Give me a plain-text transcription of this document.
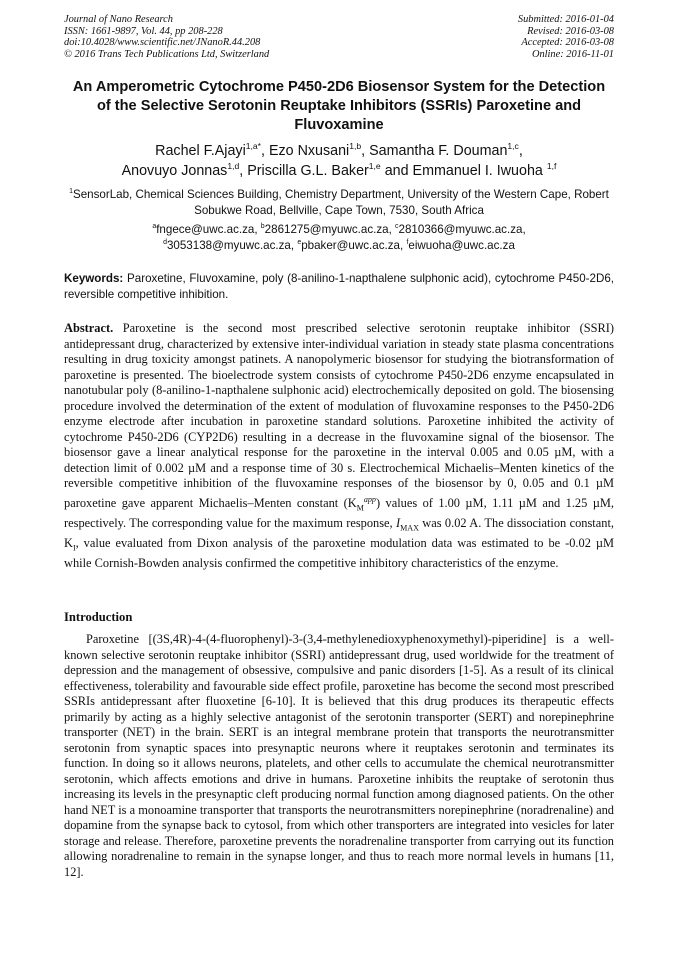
Journal of Nano Research
ISSN: 1661-9897, Vol. 44, pp 208-228
doi:10.4028/www.scientific.net/JNanoR.44.208
© 2016 Trans Tech Publications Ltd, Switzerland
Submitted: 2016-01-04
Revised: 2016-03-08
Accepted: 2016-03-08
Online: 2016-11-01
An Amperometric Cytochrome P450-2D6 Biosensor System for the Detection of the Selective Serotonin Reuptake Inhibitors (SSRIs) Paroxetine and Fluvoxamine
Rachel F.Ajayi$^{1,a*}$, Ezo Nxusani$^{1,b}$, Samantha F. Douman$^{1,c}$,
Anovuyo Jonnas$^{1,d}$, Priscilla G.L. Baker$^{1,e}$ and Emmanuel I. Iwuoha $^{1,f}$
$^1$SensorLab, Chemical Sciences Building, Chemistry Department, University of the Western Cape, Robert Sobukwe Road, Bellville, Cape Town, 7530, South Africa
$^a$fngece@uwc.ac.za, $^b$2861275@myuwc.ac.za, $^c$2810366@myuwc.ac.za,
$^d$3053138@myuwc.ac.za, $^e$pbaker@uwc.ac.za, $^f$eiwuoha@uwc.ac.za
Keywords: Paroxetine, Fluvoxamine, poly (8-anilino-1-napthalene sulphonic acid), cytochrome P450-2D6, reversible competitive inhibition.
Abstract. Paroxetine is the second most prescribed selective serotonin reuptake inhibitor (SSRI) antidepressant drug, characterized by extensive inter-individual variation in steady state plasma concentrations resulting in drug toxicity amongst patinets. A nanopolymeric biosensor for studying the biotransformation of paroxetine is presented. The bioelectrode system consists of cytochrome P450-2D6 enzyme encapsulated in nanotubular poly (8-anilino-1-napthalene sulphonic acid) electrochemically deposited on gold. The biosensing procedure involved the determination of the extent of modulation of fluvoxamine responses to the P450-2D6 enzyme electrode after incubation in paroxetine standard solutions. Paroxetine inhibited the activity of cytochrome P450-2D6 (CYP2D6) resulting in a decrease in the fluvoxamine signal of the biosensor. The biosensor gave a linear analytical response for the paroxetine in the interval 0.005 and 0.05 µM, with a detection limit of 0.002 µM and a response time of 30 s. Electrochemical Michaelis–Menten kinetics of the reversible competitive inhibition of the fluvoxamine responses of the biosensor by 0, 0.05 and 0.1 µM paroxetine gave apparent Michaelis–Menten constant $(K_M^{app})$ values of 1.00 µM, 1.11 µM and 1.25 µM, respectively. The corresponding value for the maximum response, $I_{MAX}$ was 0.02 A. The dissociation constant, $K_I$, value evaluated from Dixon analysis of the paroxetine modulation data was estimated to be -0.02 µM while Cornish-Bowden analysis confirmed the competitive inhibitory characteristics of the enzyme.
Introduction
Paroxetine [(3S,4R)-4-(4-fluorophenyl)-3-(3,4-methylenedioxyphenoxymethyl)-piperidine] is a well-known selective serotonin reuptake inhibitor (SSRI) antidepressant drug, used worldwide for the treatment of depression and the management of obsessive, compulsive and panic disorders [1-5]. As a result of its clinical effectiveness, tolerability and favourable side effect profile, paroxetine has become the second most prescribed SSRIs antidepressant after fluoxetine [6-10]. It is believed that this drug produces its therapeutic effects primarily by acting as a highly selective antagonist of the serotonin transporter (SERT) and norepinephrine transporter (NET) in the brain. SERT is an integral membrane protein that transports the neurotransmitter serotonin from synaptic spaces into presynaptic neurons where it reuptakes serotonin and terminates its function. In doing so it allows neurons, platelets, and other cells to accumulate the chemical neurotransmitter serotonin, which affects emotions and drive in humans. Paroxetine inhibits the reuptake of serotonin thus increasing its levels in the presynaptic cleft producing normal function among diagnosed patients. On the other hand NET is a monoamine transporter that transports the neurotransmitters norepinephrine (noradrenaline) and dopamine from the synapse back to cytosol, from which other transporters are integrated into vesicles for later storage and release. Therefore, paroxetine prevents the noradrenaline transporter from carrying out its function allowing noradrenaline to remain in the synapse longer, and thus to reach more normal levels in humans [11, 12].
